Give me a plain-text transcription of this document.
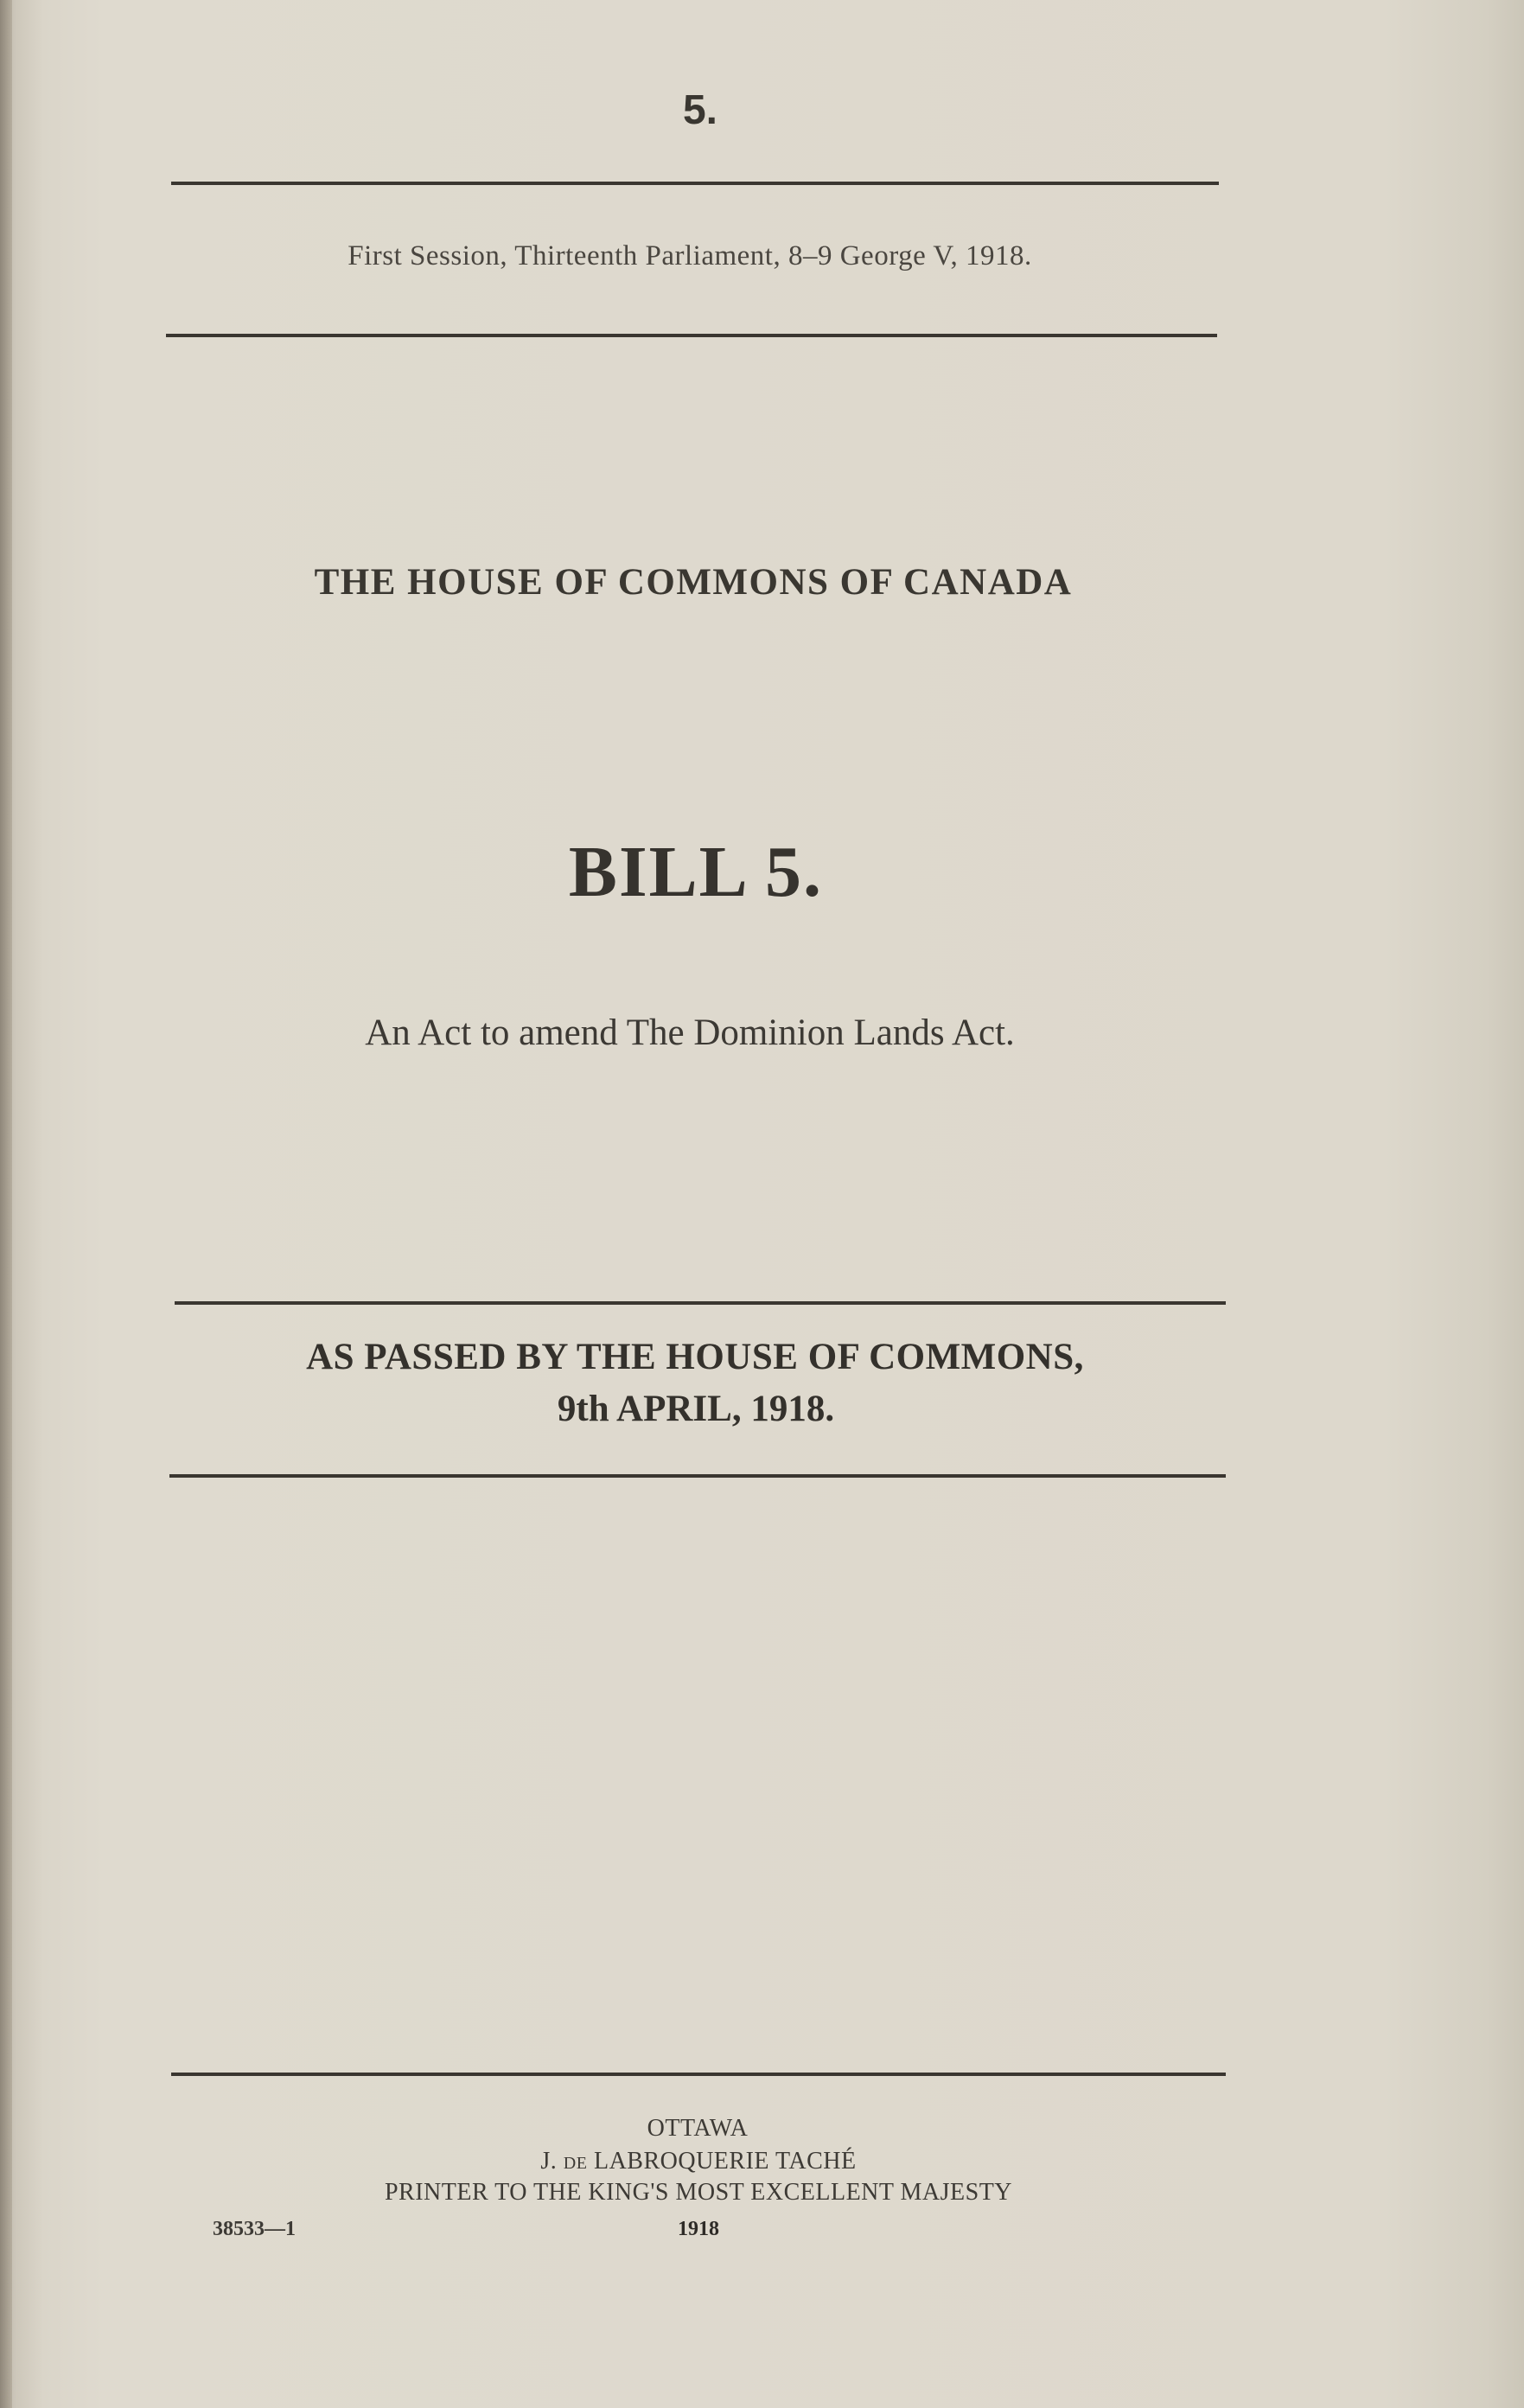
5.
First Session, Thirteenth Parliament, 8–9 George V, 1918.
THE HOUSE OF COMMONS OF CANADA
BILL 5.
An Act to amend The Dominion Lands Act.
AS PASSED BY THE HOUSE OF COMMONS,
9th APRIL, 1918.
OTTAWA
J. DE LABROQUERIE TACHÉ
PRINTER TO THE KING'S MOST EXCELLENT MAJESTY
38533—1	1918
